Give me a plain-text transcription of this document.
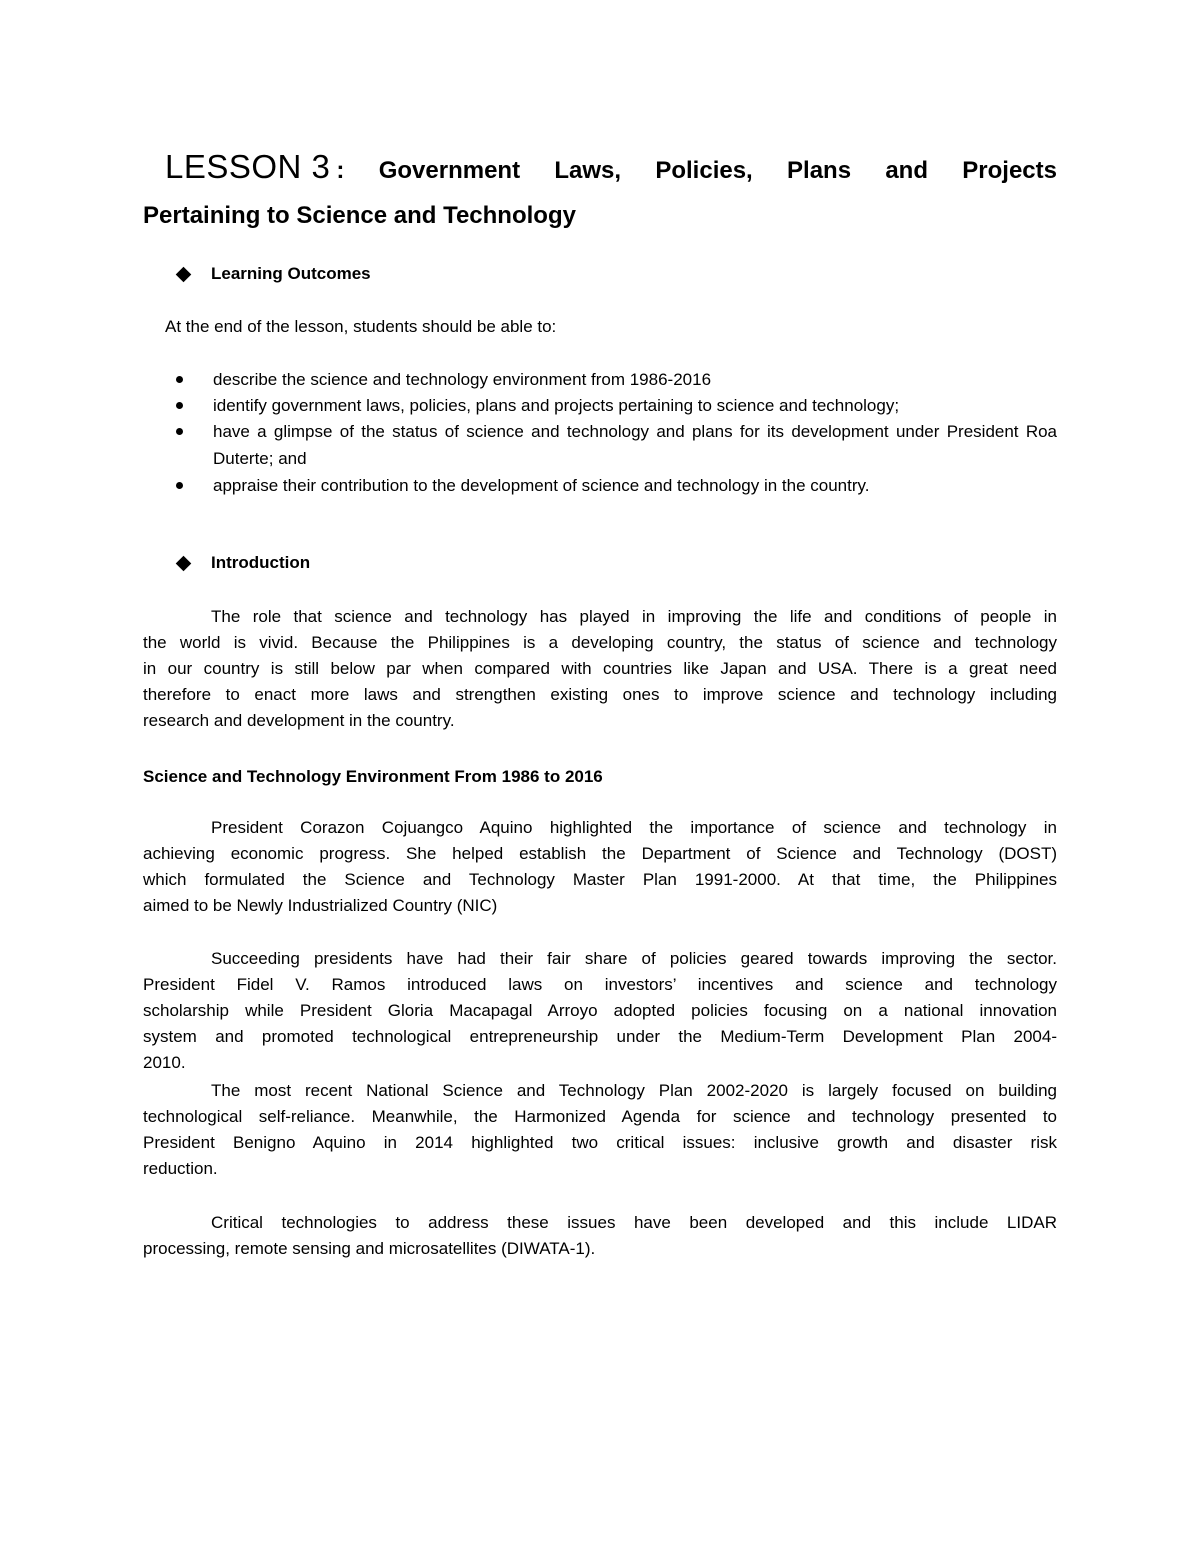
LESSON 3 : Government Laws, Policies, Plans and Projects
Pertaining to Science and Technology
Learning Outcomes
At the end of the lesson, students should be able to:
describe the science and technology environment from 1986-2016
identify government laws, policies, plans and projects pertaining to science and technology;
have a glimpse of the status of science and technology and plans for its development under President Roa Duterte; and
appraise their contribution to the development of science and technology in the country.
Introduction
The role that science and technology has played in improving the life and conditions of people in
the world is vivid. Because the Philippines is a developing country, the status of science and technology
in our country is still below par when compared with countries like Japan and USA. There is a great need
therefore to enact more laws and strengthen existing ones to improve science and technology including
research and development in the country.
Science and Technology Environment From 1986 to 2016
President Corazon Cojuangco Aquino highlighted the importance of science and technology in
achieving economic progress. She helped establish the Department of Science and Technology (DOST)
which formulated the Science and Technology Master Plan 1991-2000. At that time, the Philippines
aimed to be Newly Industrialized Country (NIC)
Succeeding presidents have had their fair share of policies geared towards improving the sector.
President Fidel V. Ramos introduced laws on investors’ incentives and science and technology
scholarship while President Gloria Macapagal Arroyo adopted policies focusing on a national innovation
system and promoted technological entrepreneurship under the Medium-Term Development Plan 2004-
2010.
The most recent National Science and Technology Plan 2002-2020 is largely focused on building
technological self-reliance. Meanwhile, the Harmonized Agenda for science and technology presented to
President Benigno Aquino in 2014 highlighted two critical issues: inclusive growth and disaster risk
reduction.
Critical technologies to address these issues have been developed and this include LIDAR
processing, remote sensing and microsatellites (DIWATA-1).
